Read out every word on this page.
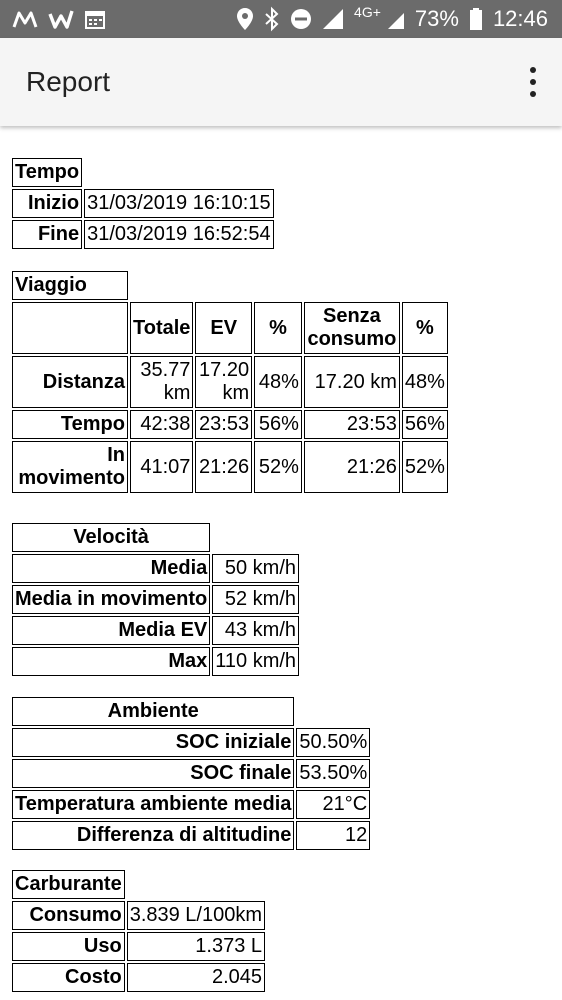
4G+ 73% 12:46
Report
Tempo	
Inizio	31/03/2019 16:10:15
Fine	31/03/2019 16:52:54
Viaggio					
	Totale	EV	%	Senza consumo	%
Distanza	35.77 km	17.20 km	48%	17.20 km	48%
Tempo	42:38	23:53	56%	23:53	56%
In movimento	41:07	21:26	52%	21:26	52%
Velocità	
Media	50 km/h
Media in movimento	52 km/h
Media EV	43 km/h
Max	110 km/h
Ambiente	
SOC iniziale	50.50%
SOC finale	53.50%
Temperatura ambiente media	21°C
Differenza di altitudine	12
Carburante	
Consumo	3.839 L/100km
Uso	1.373 L
Costo	2.045
